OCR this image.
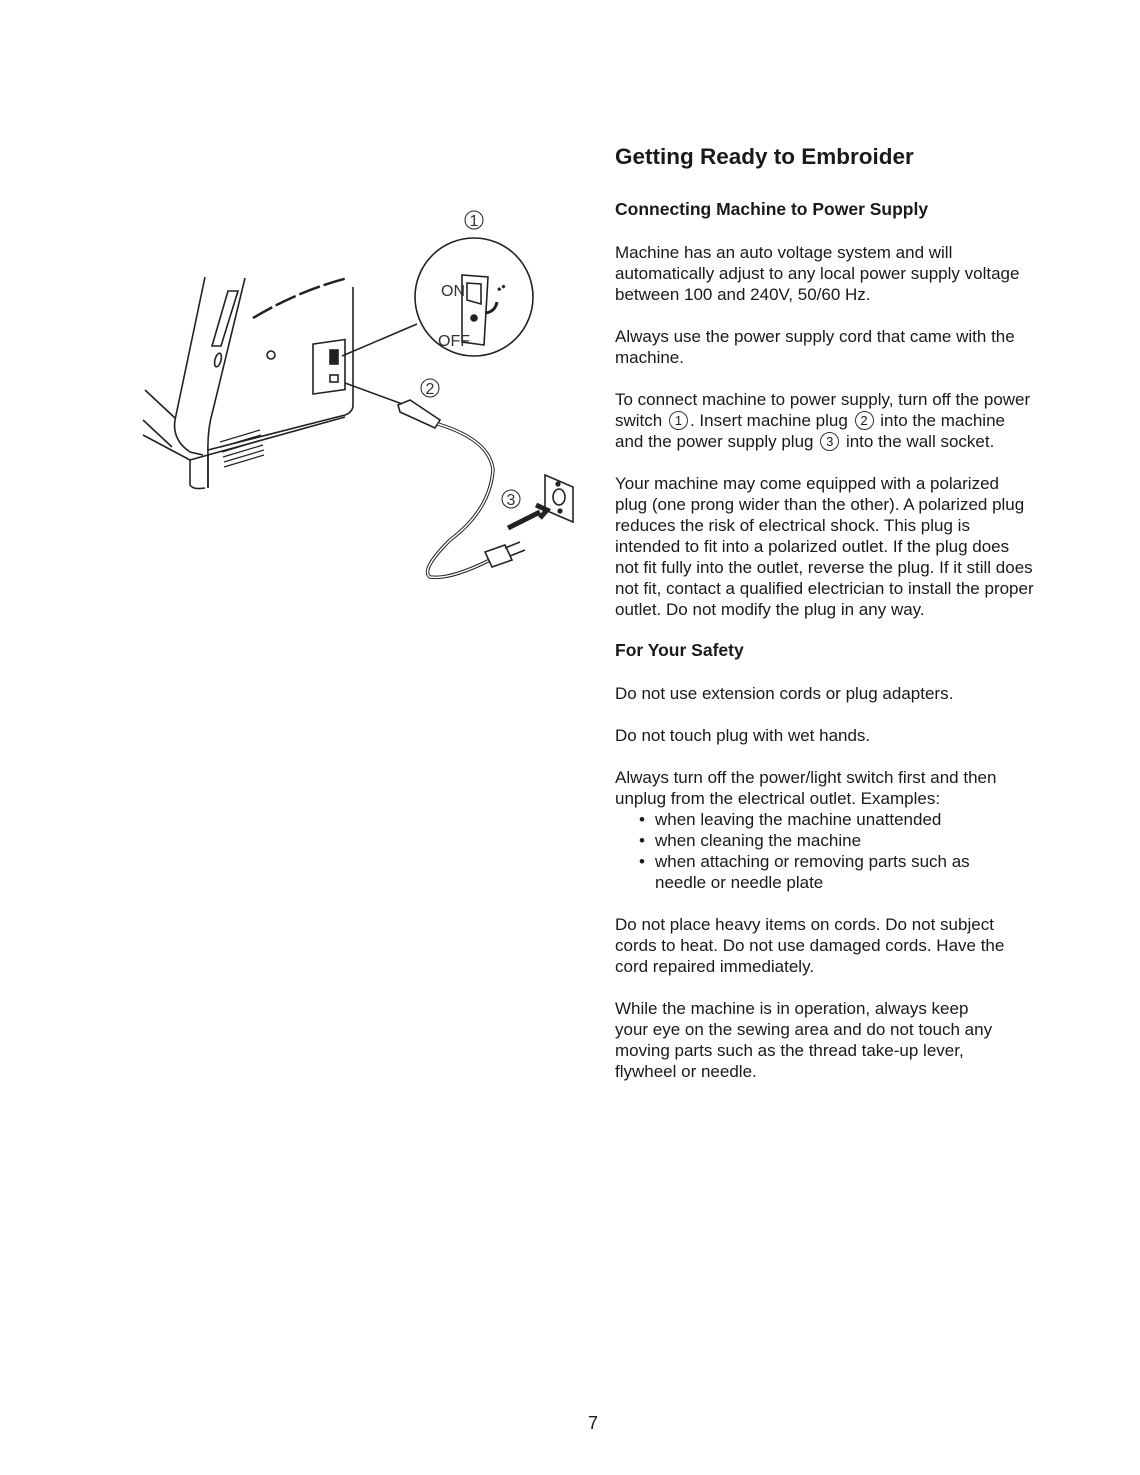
ON
OFF
1
2
3
Getting Ready to Embroider
Connecting Machine to Power Supply

Machine has an auto voltage system and will automatically adjust to any local power supply voltage between 100 and 240V, 50/60 Hz.

Always use the power supply cord that came with the machine.

To connect machine to power supply, turn off the power switch 1 . Insert machine plug 2 into the machine and the power supply plug 3 into the wall socket.

Your machine may come equipped with a polarized plug (one prong wider than the other). A polarized plug reduces the risk of electrical shock. This plug is intended to fit into a polarized outlet. If the plug does not fit fully into the outlet, reverse the plug. If it still does not fit, contact a qualified electrician to install the proper outlet. Do not modify the plug in any way.

For Your Safety

Do not use extension cords or plug adapters.

Do not touch plug with wet hands.

Always turn off the power/light switch first and then unplug from the electrical outlet. Examples:

• when leaving the machine unattended
• when cleaning the machine
• when attaching or removing parts such as needle or needle plate

Do not place heavy items on cords. Do not subject cords to heat. Do not use damaged cords. Have the cord repaired immediately.

While the machine is in operation, always keep your eye on the sewing area and do not touch any moving parts such as the thread take-up lever, flywheel or needle.

7
